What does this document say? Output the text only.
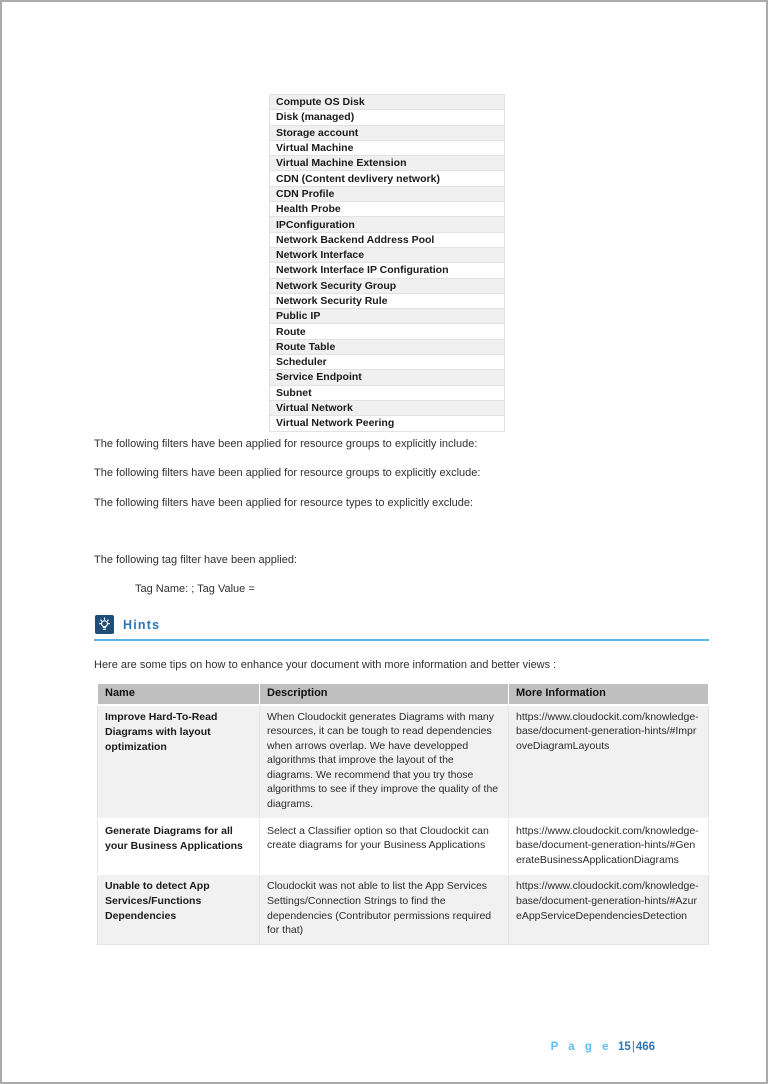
Compute OS Disk
Disk (managed)
Storage account
Virtual Machine
Virtual Machine Extension
CDN (Content devlivery network)
CDN Profile
Health Probe
IPConfiguration
Network Backend Address Pool
Network Interface
Network Interface IP Configuration
Network Security Group
Network Security Rule
Public IP
Route
Route Table
Scheduler
Service Endpoint
Subnet
Virtual Network
Virtual Network Peering
The following filters have been applied for resource groups to explicitly include:
The following filters have been applied for resource groups to explicitly exclude:
The following filters have been applied for resource types to explicitly exclude:
The following tag filter have been applied:
Tag Name: ; Tag Value =
Hints
Here are some tips on how to enhance your document with more information and better views :
Name	Description	More Information
Improve Hard-To-Read Diagrams with layout optimization	When Cloudockit generates Diagrams with many resources, it can be tough to read dependencies when arrows overlap. We have developped algorithms that improve the layout of the diagrams. We recommend that you try those algorithms to see if they improve the quality of the diagrams.	https://www.cloudockit.com/knowledge-base/document-generation-hints/#ImproveDiagramLayouts
Generate Diagrams for all your Business Applications	Select a Classifier option so that Cloudockit can create diagrams for your Business Applications	https://www.cloudockit.com/knowledge-base/document-generation-hints/#GenerateBusinessApplicationDiagrams
Unable to detect App Services/Functions Dependencies	Cloudockit was not able to list the App Services Settings/Connection Strings to find the dependencies (Contributor permissions required for that)	https://www.cloudockit.com/knowledge-base/document-generation-hints/#AzureAppServiceDependenciesDetection
P a g e 15|466
